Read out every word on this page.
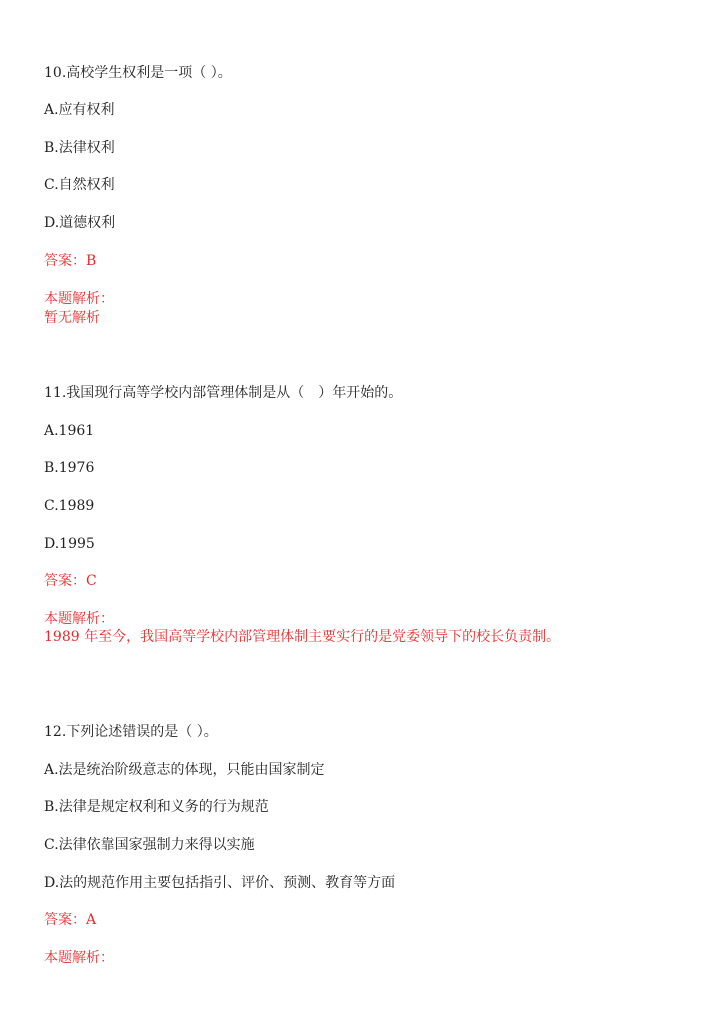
10.高校学生权利是一项（ ）。
A.应有权利
B.法律权利
C.自然权利
D.道德权利
答案：B
本题解析：
暂无解析
11.我国现行高等学校内部管理体制是从（　）年开始的。
A.1961
B.1976
C.1989
D.1995
答案：C
本题解析：
1989 年至今，我国高等学校内部管理体制主要实行的是党委领导下的校长负责制。
12.下列论述错误的是（ ）。
A.法是统治阶级意志的体现，只能由国家制定
B.法律是规定权利和义务的行为规范
C.法律依靠国家强制力来得以实施
D.法的规范作用主要包括指引、评价、预测、教育等方面
答案：A
本题解析：
